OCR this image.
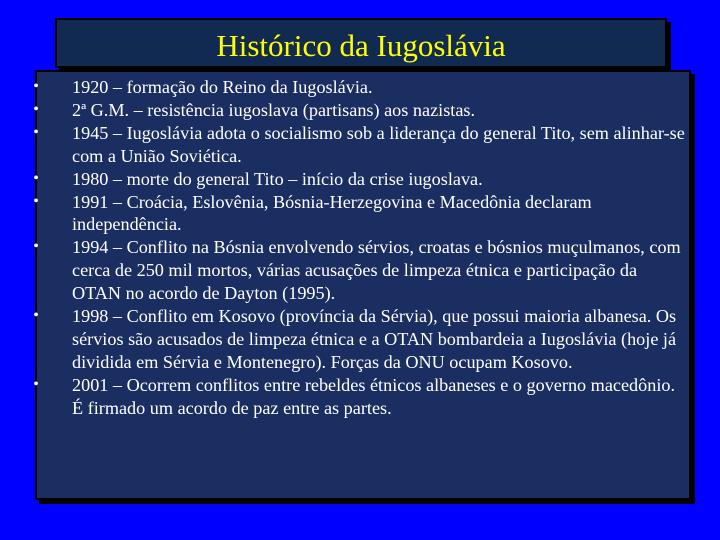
Histórico da Iugoslávia
• 1920 – formação do Reino da Iugoslávia.
• 2ª G.M. – resistência iugoslava (partisans) aos nazistas.
• 1945 – Iugoslávia adota o socialismo sob a liderança do general Tito, sem alinhar-se com a União Soviética.
• 1980 – morte do general Tito – início da crise iugoslava.
• 1991 – Croácia, Eslovênia, Bósnia-Herzegovina e Macedônia declaram independência.
• 1994 – Conflito na Bósnia envolvendo sérvios, croatas e bósnios muçulmanos, com cerca de 250 mil mortos, várias acusações de limpeza étnica e participação da OTAN no acordo de Dayton (1995).
• 1998 – Conflito em Kosovo (província da Sérvia), que possui maioria albanesa. Os sérvios são acusados de limpeza étnica e a OTAN bombardeia a Iugoslávia (hoje já dividida em Sérvia e Montenegro). Forças da ONU ocupam Kosovo.
• 2001 – Ocorrem conflitos entre rebeldes étnicos albaneses e o governo macedônio. É firmado um acordo de paz entre as partes.
